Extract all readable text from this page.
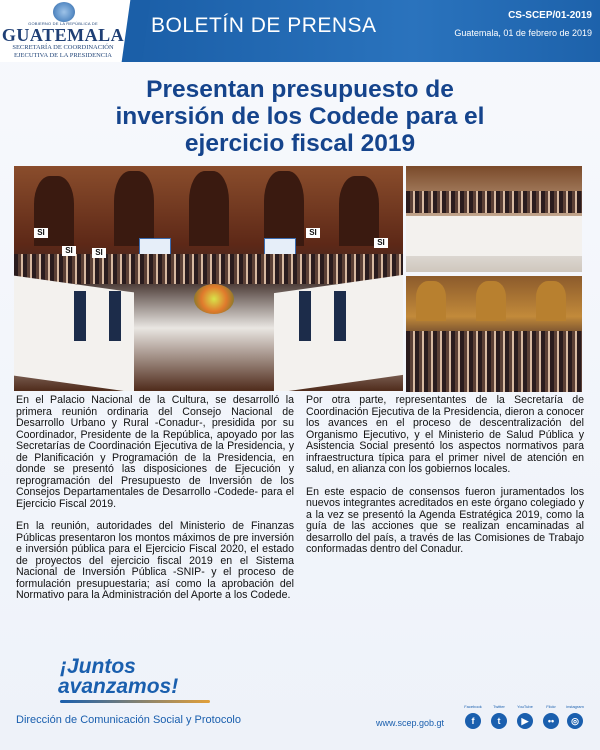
GOBIERNO DE LA REPÚBLICA DE
GUATEMALA
SECRETARÍA DE COORDINACIÓN
EJECUTIVA DE LA PRESIDENCIA
BOLETÍN DE PRENSA	CS-SCEP/01-2019
Guatemala, 01 de febrero de 2019
Presentan presupuesto de
inversión de los Codede para el
ejercicio fiscal 2019
SI
SI	SI
SI
SI

En el Palacio Nacional de la Cultura, se desarrolló la primera reunión ordinaria del Consejo Nacional de Desarrollo Urbano y Rural -Conadur-, presidida por su Coordinador, Presidente de la República, apoyado por las Secretarías de Coordinación Ejecutiva de la Presidencia, y de Planificación y Programación de la Presidencia, en donde se presentó las disposiciones de Ejecución y reprogramación del Presupuesto de Inversión de los Consejos Departamentales de Desarrollo -Codede- para el Ejercicio Fiscal 2019.

En la reunión, autoridades del Ministerio de Finanzas Públicas presentaron los montos máximos de pre inversión e inversión pública para el Ejercicio Fiscal 2020, el estado de proyectos del ejercicio fiscal 2019 en el Sistema Nacional de Inversión Pública -SNIP- y el proceso de formulación presupuestaria; así como la aprobación del Normativo para la Administración del Aporte a los Codede.

Por otra parte, representantes de la Secretaría de Coordinación Ejecutiva de la Presidencia, dieron a conocer los avances en el proceso de descentralización del Organismo Ejecutivo, y el Ministerio de Salud Pública y Asistencia Social presentó los aspectos normativos para infraestructura típica para el primer nivel de atención en salud, en alianza con los gobiernos locales.

En este espacio de consensos fueron juramentados los nuevos integrantes acreditados en este órgano colegiado y a la vez se presentó la Agenda Estratégica 2019, como la guía de las acciones que se realizan encaminadas al desarrollo del país, a través de las Comisiones de Trabajo conformadas dentro del Conadur.

¡Juntos
avanzamos!
Dirección de Comunicación Social y Protocolo	www.scep.gob.gt
Facebook
f
Twitter
t
YouTube
▶
Flickr
••
instagram
◎
